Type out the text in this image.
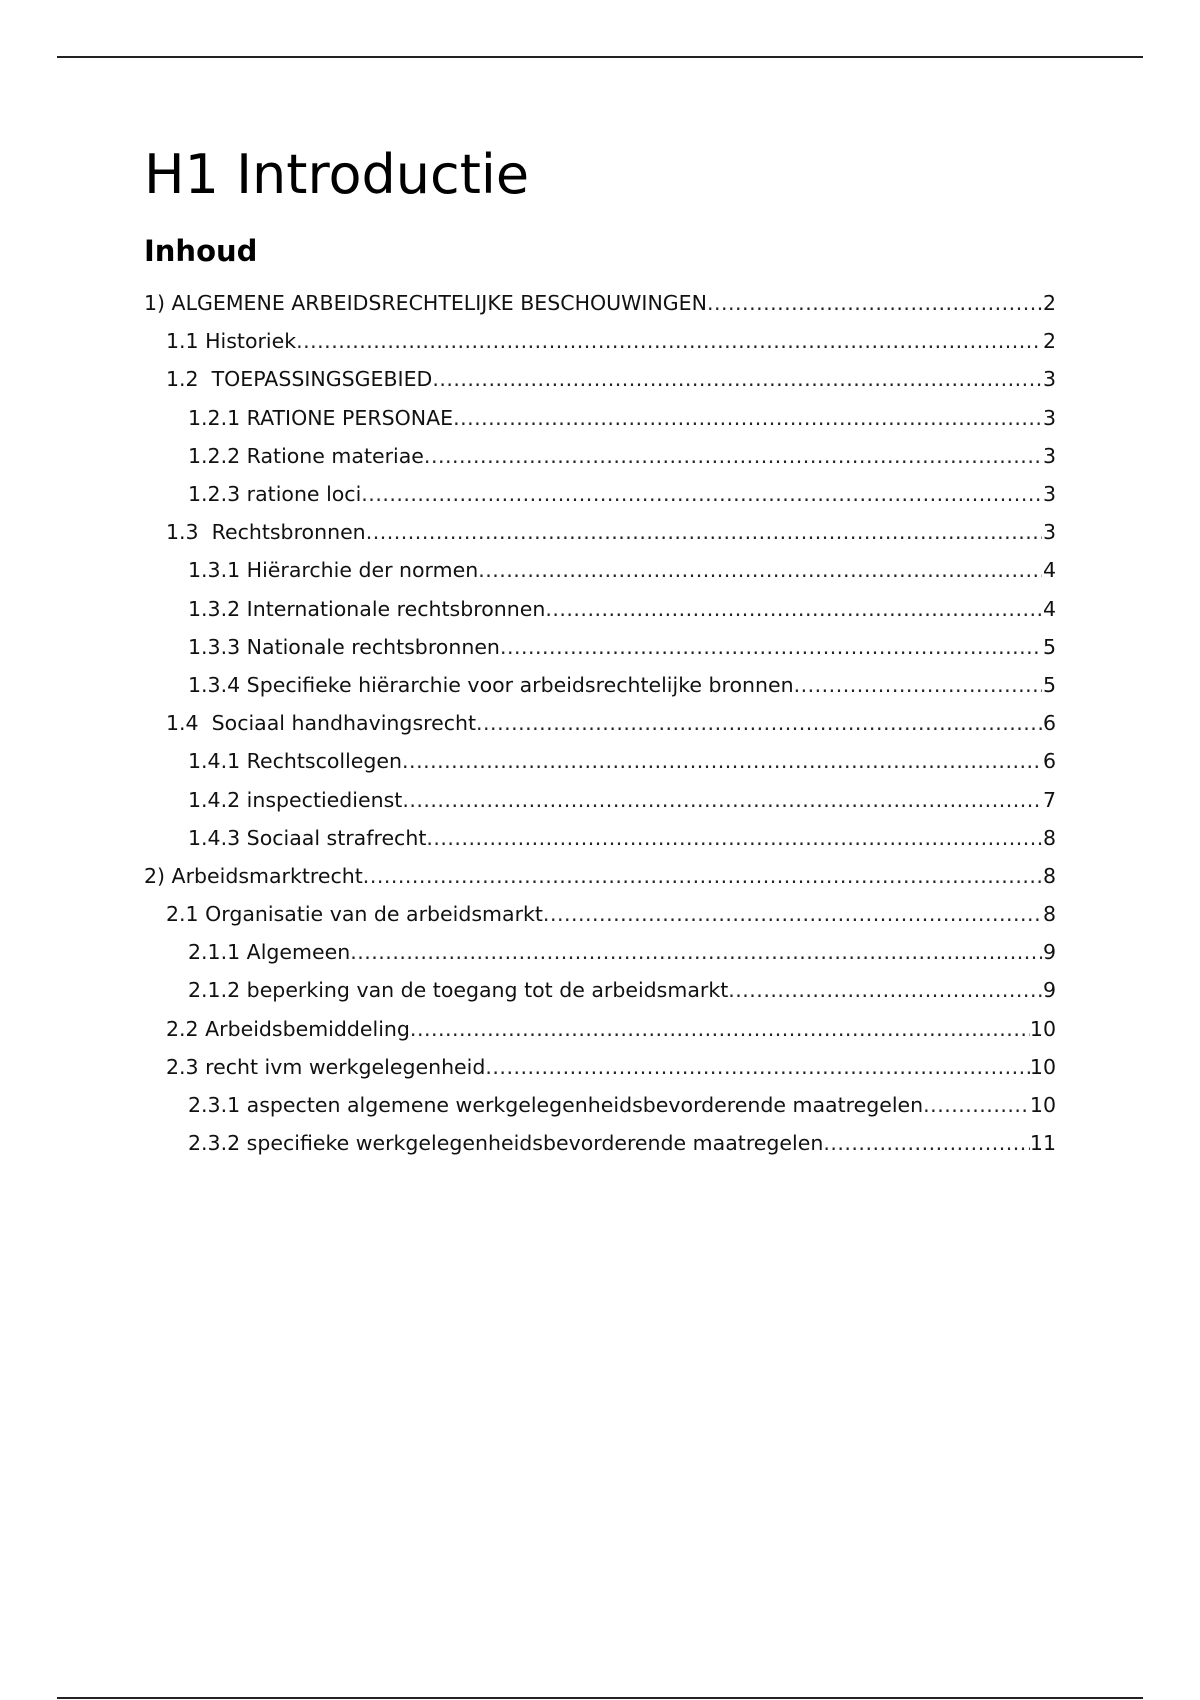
H1 Introductie
Inhoud
1) ALGEMENE ARBEIDSRECHTELIJKE BESCHOUWINGEN .....	2
1.1 Historiek .....	2
1.2  TOEPASSINGSGEBIED .....	3
1.2.1 RATIONE PERSONAE .....	3
1.2.2 Ratione materiae .....	3
1.2.3 ratione loci .....	3
1.3  Rechtsbronnen .....	3
1.3.1 Hiërarchie der normen .....	4
1.3.2 Internationale rechtsbronnen .....	4
1.3.3 Nationale rechtsbronnen .....	5
1.3.4 Specifieke hiërarchie voor arbeidsrechtelijke bronnen .....	5
1.4  Sociaal handhavingsrecht .....	6
1.4.1 Rechtscollegen .....	6
1.4.2 inspectiedienst .....	7
1.4.3 Sociaal strafrecht .....	8
2) Arbeidsmarktrecht .....	8
2.1 Organisatie van de arbeidsmarkt .....	8
2.1.1 Algemeen .....	9
2.1.2 beperking van de toegang tot de arbeidsmarkt .....	9
2.2 Arbeidsbemiddeling .....	10
2.3 recht ivm werkgelegenheid .....	10
2.3.1 aspecten algemene werkgelegenheidsbevorderende maatregelen .....	10
2.3.2 specifieke werkgelegenheidsbevorderende maatregelen .....	11
